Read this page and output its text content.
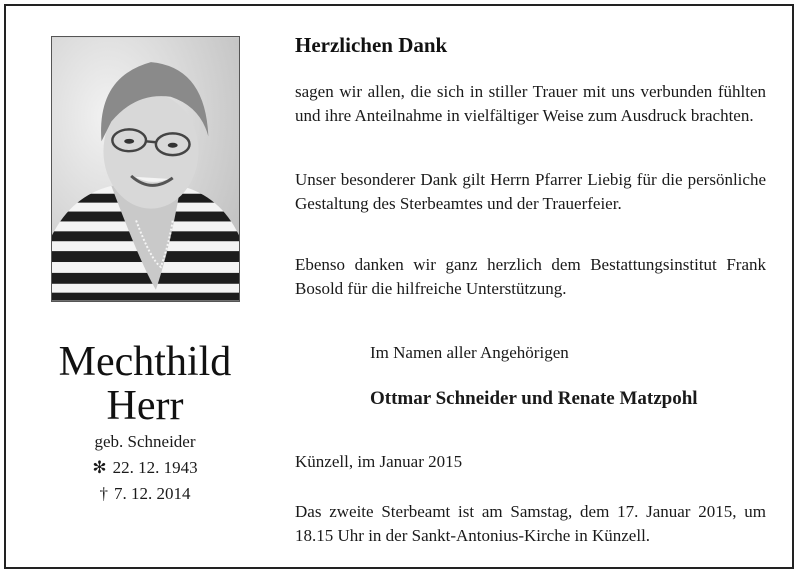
Mechthild
Herr
geb. Schneider
✻ 22. 12. 1943
† 7. 12. 2014
Herzlichen Dank

sagen wir allen, die sich in stiller Trauer mit uns verbunden fühlten und ihre Anteilnahme in vielfältiger Weise zum Ausdruck brachten.

Unser besonderer Dank gilt Herrn Pfarrer Liebig für die persönliche Gestaltung des Sterbeamtes und der Trauerfeier.

Ebenso danken wir ganz herzlich dem Bestattungsinstitut Frank Bosold für die hilfreiche Unterstützung.

Im Namen aller Angehörigen
Ottmar Schneider und Renate Matzpohl
Künzell, im Januar 2015

Das zweite Sterbeamt ist am Samstag, dem 17. Januar 2015, um 18.15 Uhr in der Sankt-Antonius-Kirche in Künzell.
